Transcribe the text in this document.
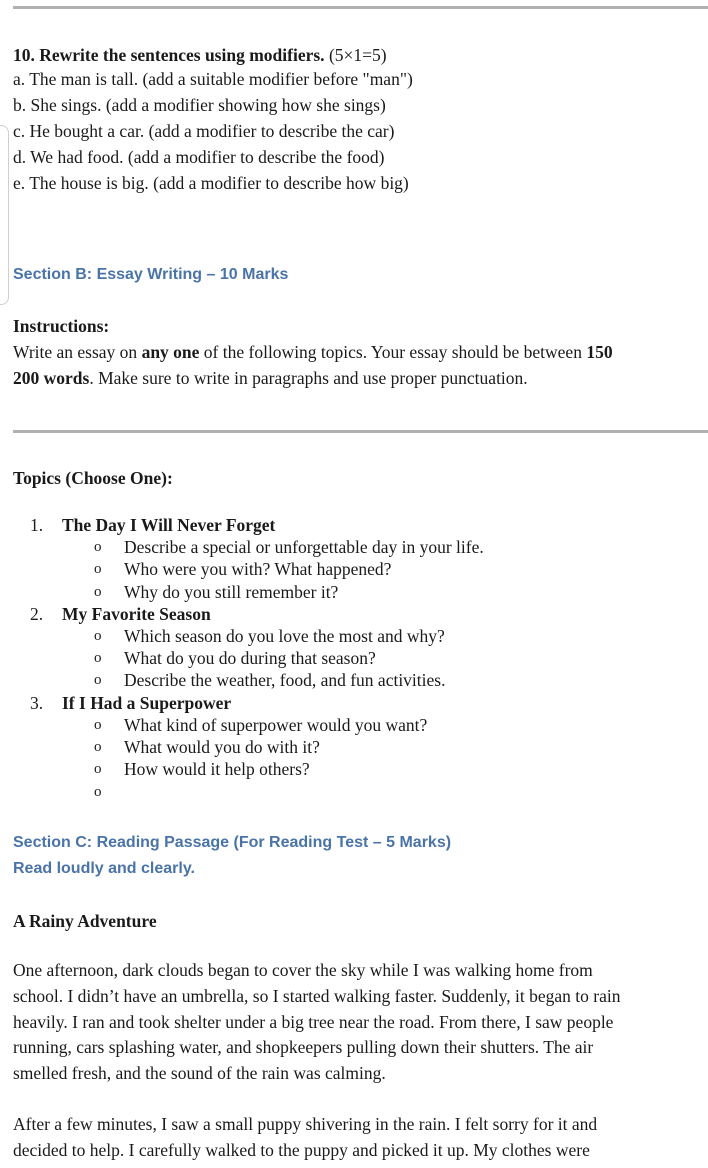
10. Rewrite the sentences using modifiers. (5×1=5)
a. The man is tall. (add a suitable modifier before "man")
b. She sings. (add a modifier showing how she sings)
c. He bought a car. (add a modifier to describe the car)
d. We had food. (add a modifier to describe the food)
e. The house is big. (add a modifier to describe how big)
Section B: Essay Writing – 10 Marks
Instructions:
Write an essay on any one of the following topics. Your essay should be between 150
200 words. Make sure to write in paragraphs and use proper punctuation.
Topics (Choose One):
1. The Day I Will Never Forget
o Describe a special or unforgettable day in your life.
o Who were you with? What happened?
o Why do you still remember it?
2. My Favorite Season
o Which season do you love the most and why?
o What do you do during that season?
o Describe the weather, food, and fun activities.
3. If I Had a Superpower
o What kind of superpower would you want?
o What would you do with it?
o How would it help others?
o
Section C: Reading Passage (For Reading Test – 5 Marks)
Read loudly and clearly.
A Rainy Adventure
One afternoon, dark clouds began to cover the sky while I was walking home from
school. I didn’t have an umbrella, so I started walking faster. Suddenly, it began to rain
heavily. I ran and took shelter under a big tree near the road. From there, I saw people
running, cars splashing water, and shopkeepers pulling down their shutters. The air
smelled fresh, and the sound of the rain was calming.
After a few minutes, I saw a small puppy shivering in the rain. I felt sorry for it and
decided to help. I carefully walked to the puppy and picked it up. My clothes were
